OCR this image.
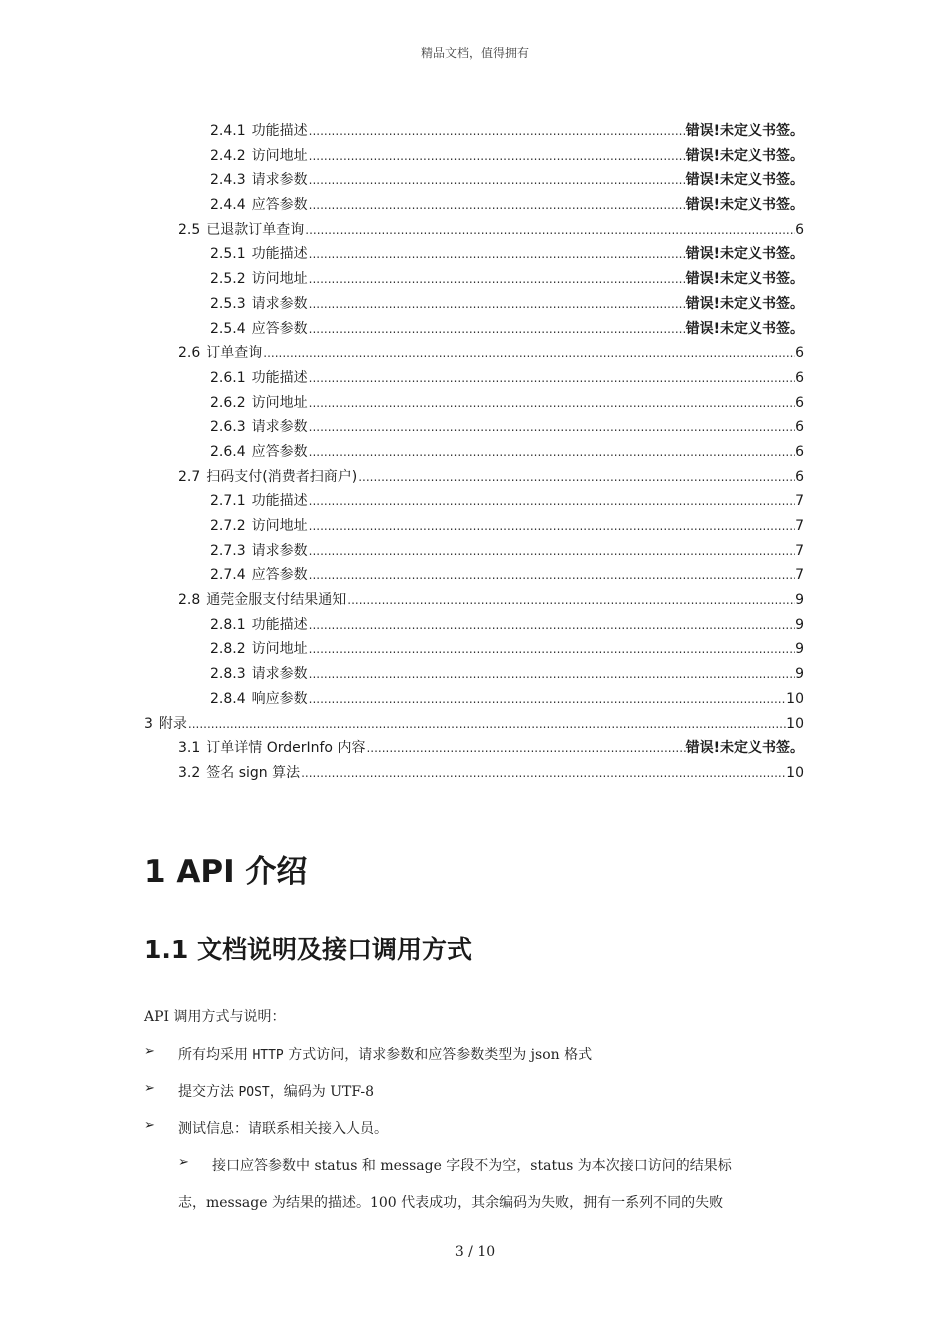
精品文档，值得拥有
2.4.1 功能描述 .....	错误!未定义书签。
2.4.2 访问地址 .....	错误!未定义书签。
2.4.3 请求参数 .....	错误!未定义书签。
2.4.4 应答参数 .....	错误!未定义书签。
2.5 已退款订单查询 .....	6
2.5.1 功能描述 .....	错误!未定义书签。
2.5.2 访问地址 .....	错误!未定义书签。
2.5.3 请求参数 .....	错误!未定义书签。
2.5.4 应答参数 .....	错误!未定义书签。
2.6 订单查询 .....	6
2.6.1 功能描述 .....	6
2.6.2 访问地址 .....	6
2.6.3 请求参数 .....	6
2.6.4 应答参数 .....	6
2.7 扫码支付(消费者扫商户) .....	6
2.7.1 功能描述 .....	7
2.7.2 访问地址 .....	7
2.7.3 请求参数 .....	7
2.7.4 应答参数 .....	7
2.8 通莞金服支付结果通知 .....	9
2.8.1 功能描述 .....	9
2.8.2 访问地址 .....	9
2.8.3 请求参数 .....	9
2.8.4 响应参数 .....	10
3 附录 .....	10
3.1 订单详情 OrderInfo 内容 .....	错误!未定义书签。
3.2 签名 sign 算法 .....	10
1 API 介绍
1.1 文档说明及接口调用方式
API 调用方式与说明：
➢ 所有均采用 HTTP 方式访问，请求参数和应答参数类型为 json 格式
➢ 提交方法 POST，编码为 UTF-8
➢ 测试信息：请联系相关接入人员。
➢ 接口应答参数中 status 和 message 字段不为空，status 为本次接口访问的结果标
志，message 为结果的描述。100 代表成功，其余编码为失败，拥有一系列不同的失败
3 / 10
